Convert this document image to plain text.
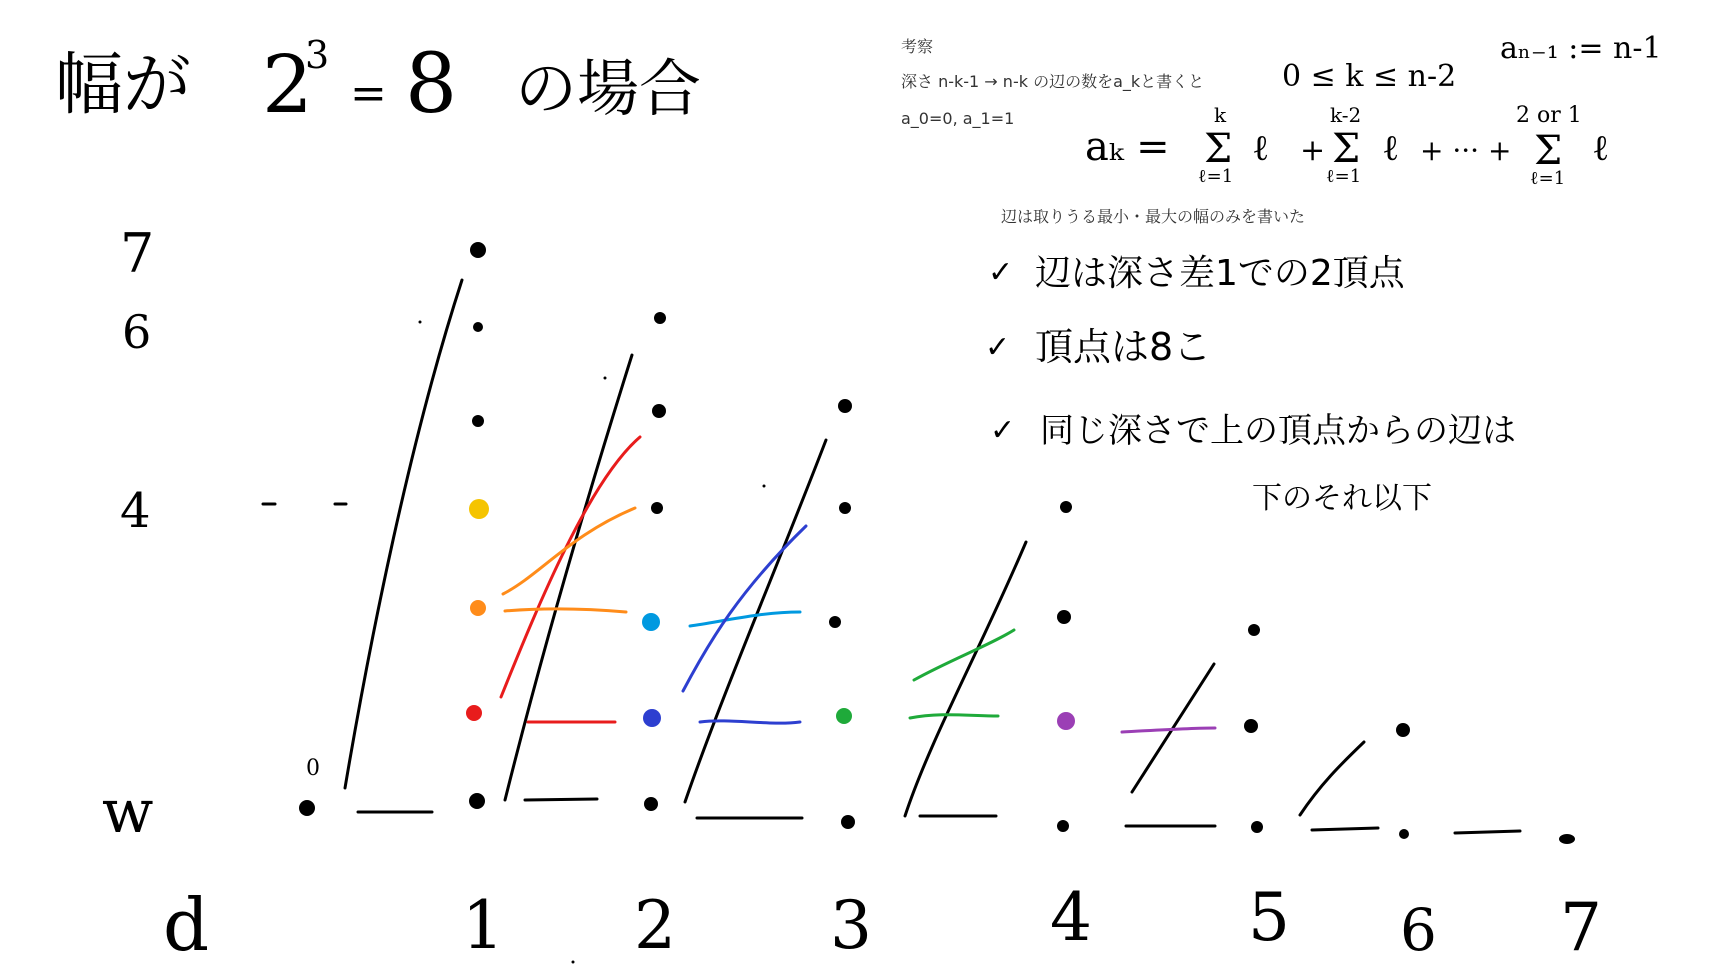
幅が 2
3
= 8 の場合
考察
深さ n-k-1 → n-k の辺の数をa_kと書くと
a_0=0, a_1=1
辺は取りうる最小・最大の幅のみを書いた
0 ≤ k ≤ n-2
aₙ₋₁ := n-1
aₖ =
k
Σ
ℓ=1
ℓ +
k-2
Σ
ℓ=1
ℓ + ··· +
2 or 1
Σ
ℓ=1
ℓ
✓ 辺は深さ差1での2頂点
✓ 頂点は8こ
✓ 同じ深さで上の頂点からの辺は
下のそれ以下
7
6
4
w
0
d	1 2 3	4 5 6 7
